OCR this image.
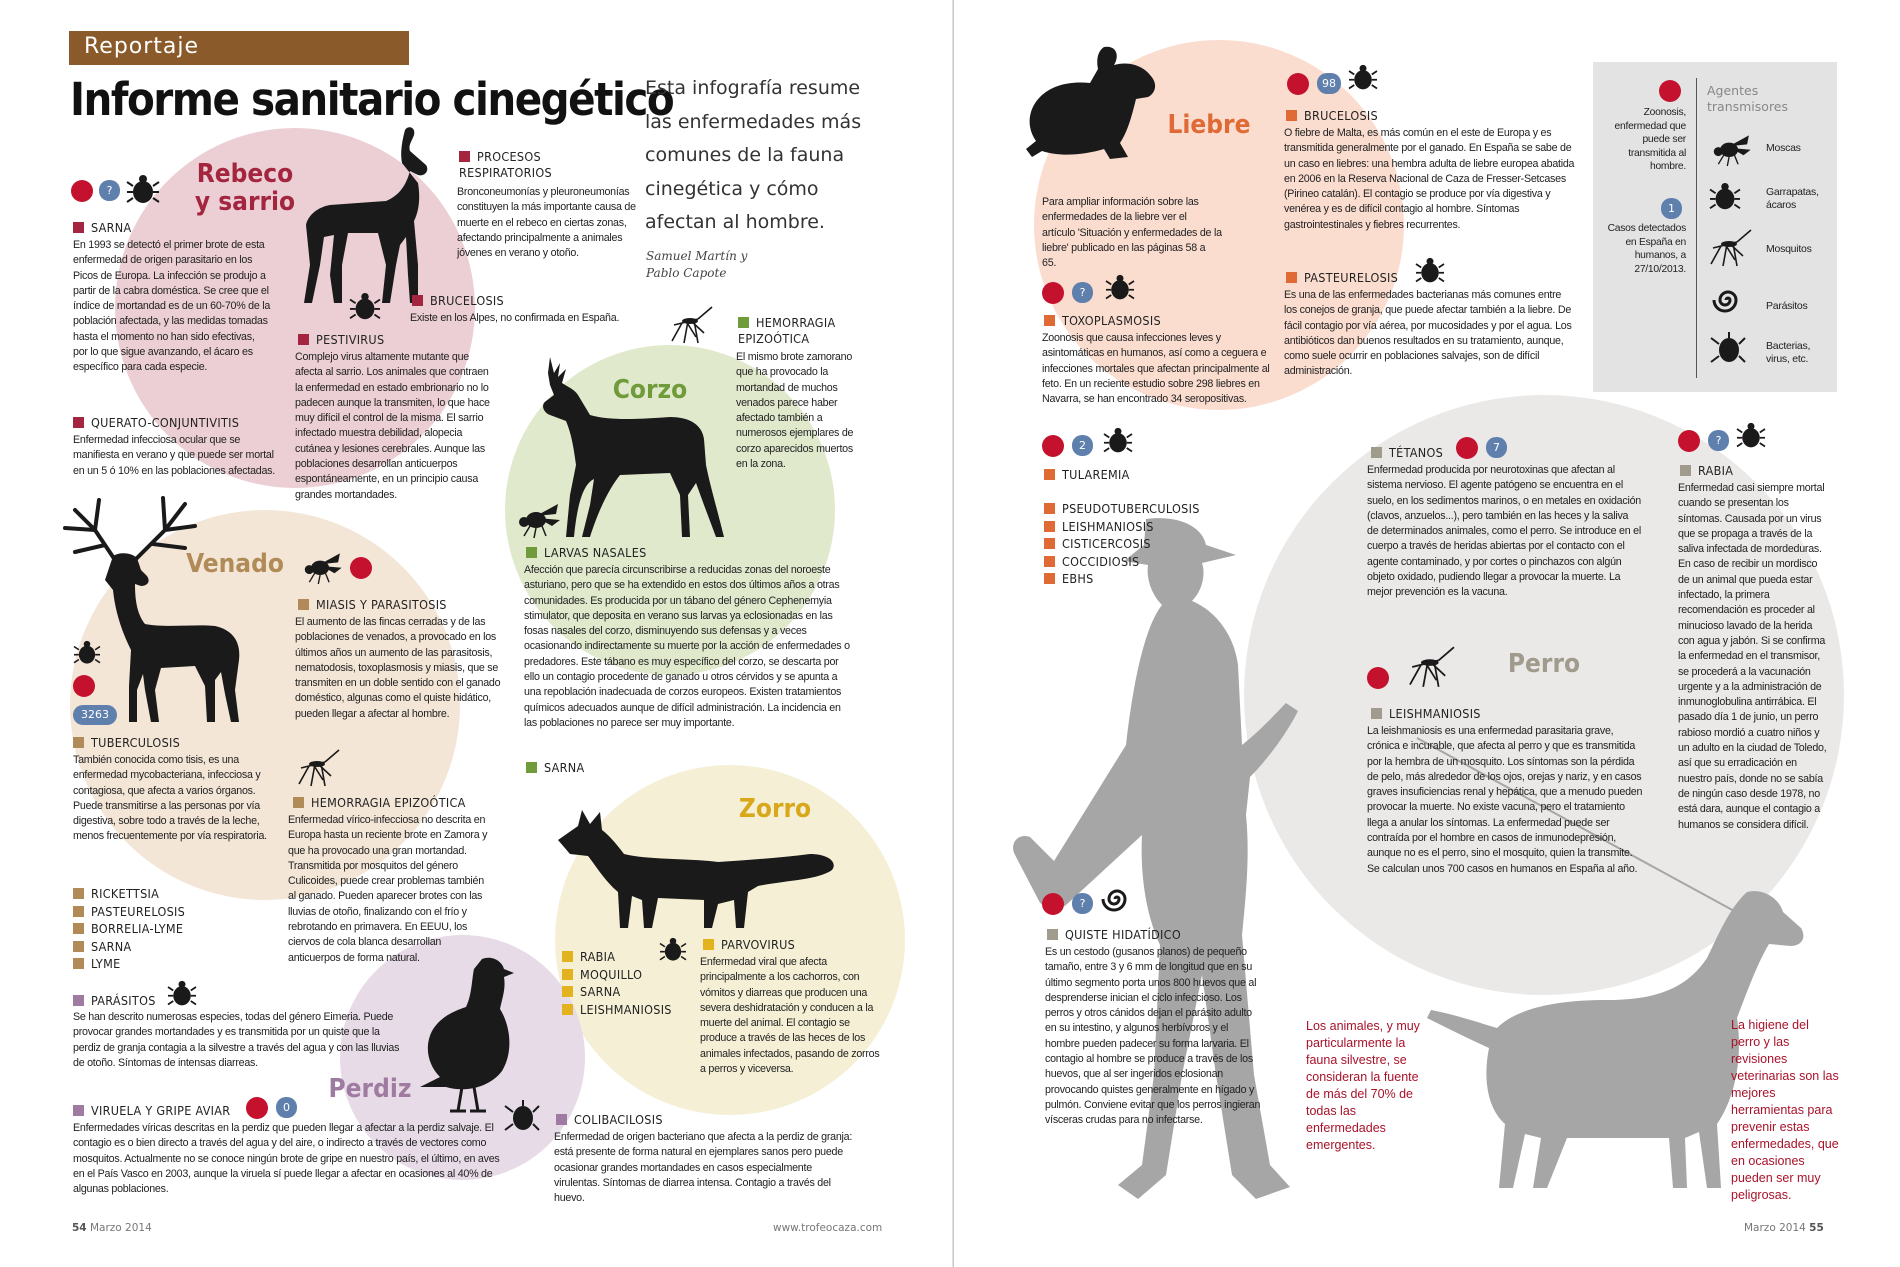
Reportaje
Informe sanitario cinegético
Esta infografía resume las enfermedades más comunes de la fauna cinegética y cómo afectan al hombre.
Samuel Martín y Pablo Capote
Rebeco y sarrio
?
SARNA
En 1993 se detectó el primer brote de esta enfermedad de origen parasitario en los Picos de Europa. La infección se produjo a partir de la cabra doméstica. Se cree que el índice de mortandad es de un 60-70% de la población afectada, y las medidas tomadas hasta el momento no han sido efectivas, por lo que sigue avanzando, el ácaro es específico para cada especie.
PROCESOS RESPIRATORIOS
Bronconeumonías y pleuroneumonías constituyen la más importante causa de muerte en el rebeco en ciertas zonas, afectando principalmente a animales jóvenes en verano y otoño.
BRUCELOSIS
Existe en los Alpes, no confirmada en España.
PESTIVIRUS
Complejo virus altamente mutante que afecta al sarrio. Los animales que contraen la enfermedad en estado embrionario no lo padecen aunque la transmiten, lo que hace muy difícil el control de la misma. El sarrio infectado muestra debilidad, alopecia cutánea y lesiones cerebrales. Aunque las poblaciones desarrollan anticuerpos espontáneamente, en un principio causa grandes mortandades.
QUERATO-CONJUNTIVITIS
Enfermedad infecciosa ocular que se manifiesta en verano y que puede ser mortal en un 5 ó 10% en las poblaciones afectadas.
Corzo
HEMORRAGIA EPIZOÓTICA
El mismo brote zamorano que ha provocado la mortandad de muchos venados parece haber afectado también a numerosos ejemplares de corzo aparecidos muertos en la zona.
LARVAS NASALES
Afección que parecía circunscribirse a reducidas zonas del noroeste asturiano, pero que se ha extendido en estos dos últimos años a otras comunidades. Es producida por un tábano del género Cephenemyia stimulator, que deposita en verano sus larvas ya eclosionadas en las fosas nasales del corzo, disminuyendo sus defensas y a veces ocasionando indirectamente su muerte por la acción de enfermedades o predadores. Este tábano es muy específico del corzo, se descarta por ello un contagio procedente de ganado u otros cérvidos y se apunta a una repoblación inadecuada de corzos europeos. Existen tratamientos químicos adecuados aunque de difícil administración. La incidencia en las poblaciones no parece ser muy importante.
SARNA
Venado
3263
MIASIS Y PARASITOSIS
El aumento de las fincas cerradas y de las poblaciones de venados, a provocado en los últimos años un aumento de las parasitosis, nematodosis, toxoplasmosis y miasis, que se transmiten en un doble sentido con el ganado doméstico, algunas como el quiste hidático, pueden llegar a afectar al hombre.
TUBERCULOSIS
También conocida como tisis, es una enfermedad mycobacteriana, infecciosa y contagiosa, que afecta a varios órganos. Puede transmitirse a las personas por vía digestiva, sobre todo a través de la leche, menos frecuentemente por vía respiratoria.
HEMORRAGIA EPIZOÓTICA
Enfermedad vírico-infecciosa no descrita en Europa hasta un reciente brote en Zamora y que ha provocado una gran mortandad. Transmitida por mosquitos del género Culicoides, puede crear problemas también al ganado. Pueden aparecer brotes con las lluvias de otoño, finalizando con el frío y rebrotando en primavera. En EEUU, los ciervos de cola blanca desarrollan anticuerpos de forma natural.
RICKETTSIA
PASTEURELOSIS
BORRELIA-LYME
SARNA
LYME
Zorro
RABIA
MOQUILLO
SARNA
LEISHMANIOSIS
PARVOVIRUS
Enfermedad viral que afecta principalmente a los cachorros, con vómitos y diarreas que producen una severa deshidratación y conducen a la muerte del animal. El contagio se produce a través de las heces de los animales infectados, pasando de zorros a perros y viceversa.
Perdiz
PARÁSITOS
Se han descrito numerosas especies, todas del género Eimeria. Puede provocar grandes mortandades y es transmitida por un quiste que la perdiz de granja contagia a la silvestre a través del agua y con las lluvias de otoño. Síntomas de intensas diarreas.
VIRUELA Y GRIPE AVIAR	0
Enfermedades víricas descritas en la perdiz que pueden llegar a afectar a la perdiz salvaje. El contagio es o bien directo a través del agua y del aire, o indirecto a través de vectores como mosquitos. Actualmente no se conoce ningún brote de gripe en nuestro país, el último, en aves en el País Vasco en 2003, aunque la viruela sí puede llegar a afectar en ocasiones al 40% de algunas poblaciones.
COLIBACILOSIS
Enfermedad de origen bacteriano que afecta a la perdiz de granja: está presente de forma natural en ejemplares sanos pero puede ocasionar grandes mortandades en casos especialmente virulentas. Síntomas de diarrea intensa. Contagio a través del huevo.
54 Marzo 2014	www.trofeocaza.com
Liebre
98
BRUCELOSIS
O fiebre de Malta, es más común en el este de Europa y es transmitida generalmente por el ganado. En España se sabe de un caso en liebres: una hembra adulta de liebre europea abatida en 2006 en la Reserva Nacional de Caza de Fresser-Setcases (Pirineo catalán). El contagio se produce por vía digestiva y venérea y es de difícil contagio al hombre. Síntomas gastrointestinales y fiebres recurrentes.
Para ampliar información sobre las enfermedades de la liebre ver el artículo 'Situación y enfermedades de la liebre' publicado en las páginas 58 a 65.
?
TOXOPLASMOSIS
Zoonosis que causa infecciones leves y asintomáticas en humanos, así como a ceguera e infecciones mortales que afectan principalmente al feto. En un reciente estudio sobre 298 liebres en Navarra, se han encontrado 34 seropositivas.
PASTEURELOSIS
Es una de las enfermedades bacterianas más comunes entre los conejos de granja, que puede afectar también a la liebre. De fácil contagio por vía aérea, por mucosidades y por el agua. Los antibióticos dan buenos resultados en su tratamiento, aunque, como suele ocurrir en poblaciones salvajes, son de difícil administración.
2
TULAREMIA
PSEUDOTUBERCULOSIS
LEISHMANIOSIS
CISTICERCOSIS
COCCIDIOSIS
EBHS
TÉTANOS	7
Enfermedad producida por neurotoxinas que afectan al sistema nervioso. El agente patógeno se encuentra en el suelo, en los sedimentos marinos, o en metales en oxidación (clavos, anzuelos...), pero también en las heces y la saliva de determinados animales, como el perro. Se introduce en el cuerpo a través de heridas abiertas por el contacto con el agente contaminado, y por cortes o pinchazos con algún objeto oxidado, pudiendo llegar a provocar la muerte. La mejor prevención es la vacuna.
?
RABIA
Enfermedad casi siempre mortal cuando se presentan los síntomas. Causada por un virus que se propaga a través de la saliva infectada de mordeduras. En caso de recibir un mordisco de un animal que pueda estar infectado, la primera recomendación es proceder al minucioso lavado de la herida con agua y jabón. Si se confirma la enfermedad en el transmisor, se procederá a la vacunación urgente y a la administración de inmunoglobulina antirrábica. El pasado día 1 de junio, un perro rabioso mordió a cuatro niños y un adulto en la ciudad de Toledo, así que su erradicación en nuestro país, donde no se sabía de ningún caso desde 1978, no está dara, aunque el contagio a humanos se considera difícil.
Perro
LEISHMANIOSIS
La leishmaniosis es una enfermedad parasitaria grave, crónica e incurable, que afecta al perro y que es transmitida por la hembra de un mosquito. Los síntomas son la pérdida de pelo, más alrededor de los ojos, orejas y nariz, y en casos graves insuficiencias renal y hepática, que a menudo pueden provocar la muerte. No existe vacuna, pero el tratamiento llega a anular los síntomas. La enfermedad puede ser contraída por el hombre en casos de inmunodepresión, aunque no es el perro, sino el mosquito, quien la transmite. Se calculan unos 700 casos en humanos en España al año.
?
QUISTE HIDATÍDICO
Es un cestodo (gusanos planos) de pequeño tamaño, entre 3 y 6 mm de longitud que en su último segmento porta unos 800 huevos que al desprenderse inician el ciclo infeccioso. Los perros y otros cánidos dejan el parásito adulto en su intestino, y algunos herbívoros y el hombre pueden padecer su forma larvaria. El contagio al hombre se produce a través de los huevos, que al ser ingeridos eclosionan provocando quistes generalmente en hígado y pulmón. Conviene evitar que los perros ingieran vísceras crudas para no infectarse.
Los animales, y muy particularmente la fauna silvestre, se consideran la fuente de más del 70% de todas las enfermedades emergentes.
La higiene del perro y las revisiones veterinarias son las mejores herramientas para prevenir estas enfermedades, que en ocasiones pueden ser muy peligrosas.
Zoonosis, enfermedad que puede ser transmitida al hombre.
1
Casos detectados en España en humanos, a 27/10/2013.
Agentes transmisores
Moscas
Garrapatas, ácaros
Mosquitos
Parásitos
Bacterias, virus, etc.
Marzo 2014 55
